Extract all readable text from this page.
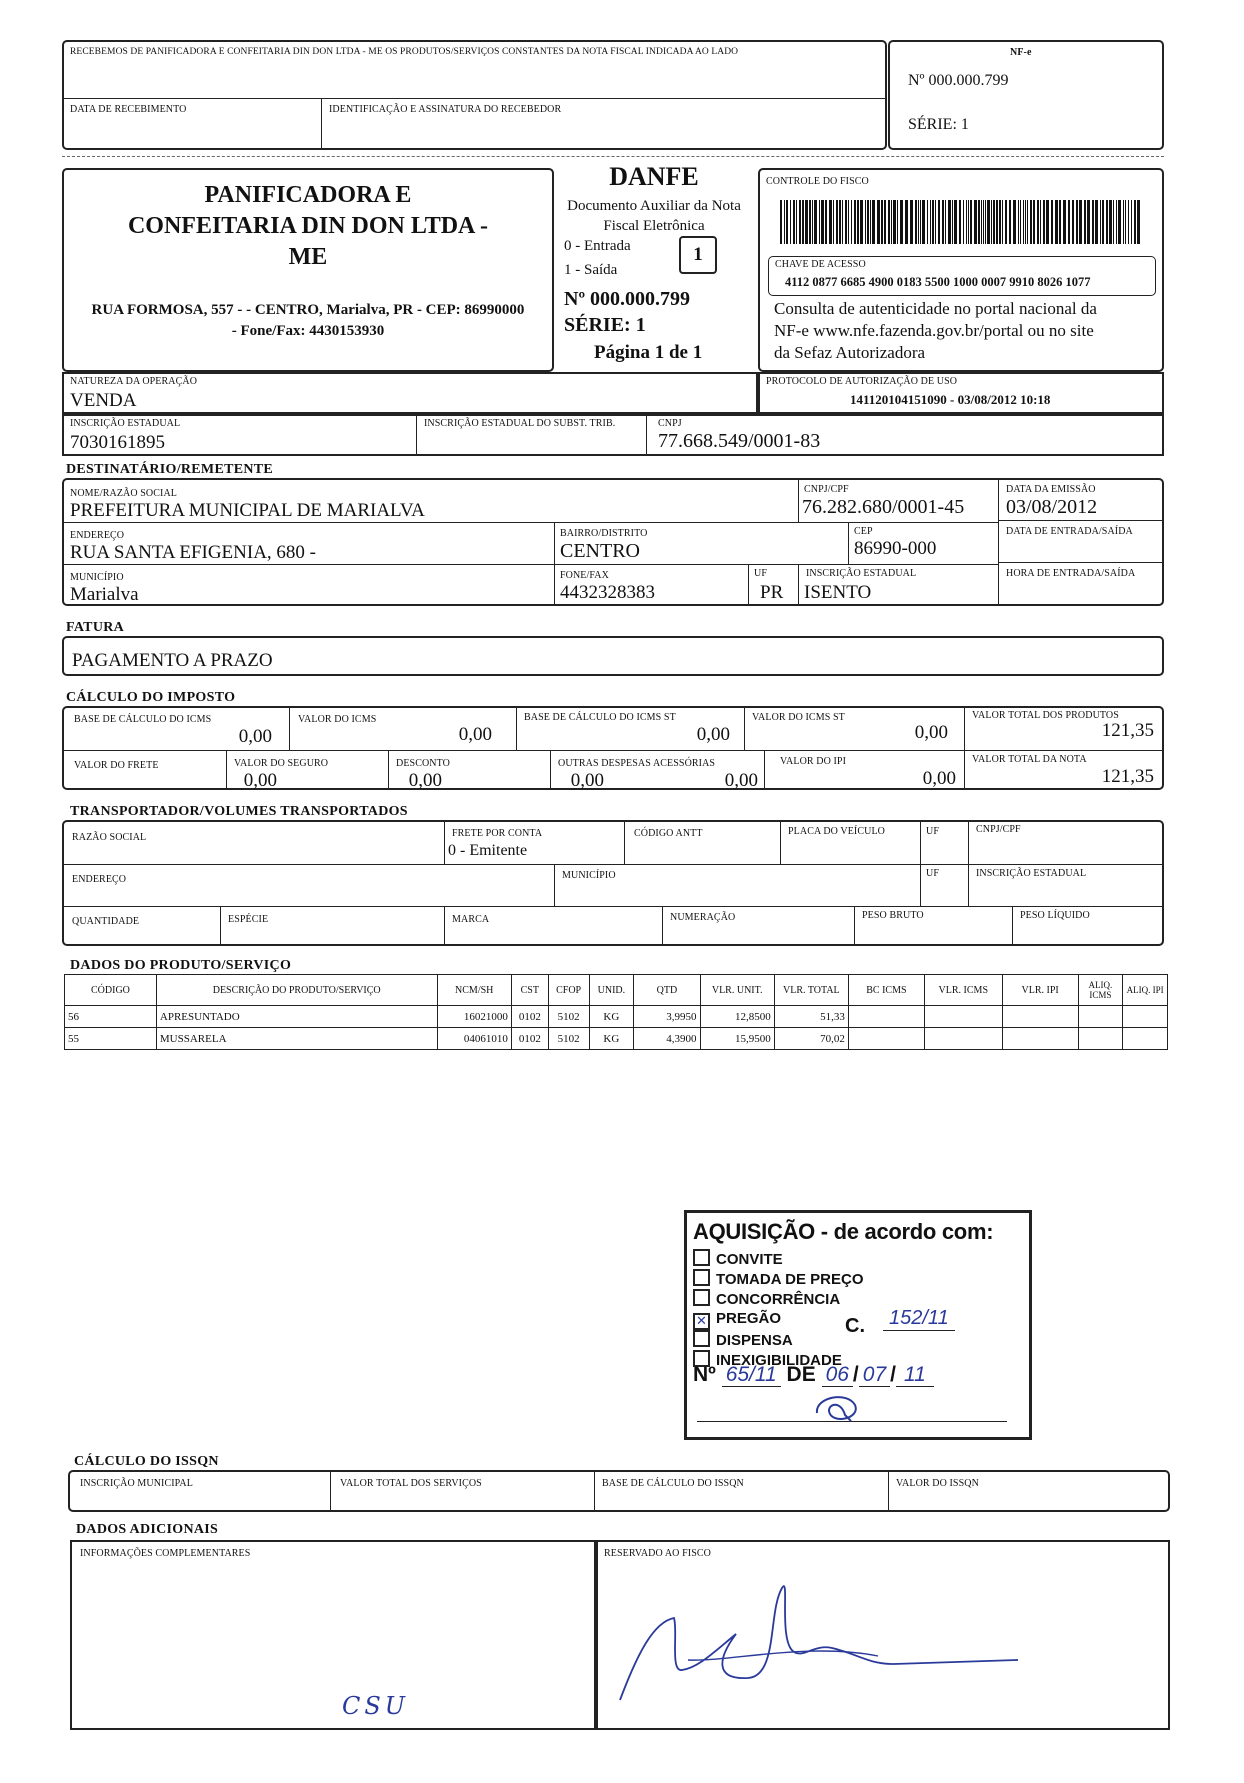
RECEBEMOS DE PANIFICADORA E CONFEITARIA DIN DON LTDA - ME OS PRODUTOS/SERVIÇOS CONSTANTES DA NOTA FISCAL INDICADA AO LADO
DATA DE RECEBIMENTO	IDENTIFICAÇÃO E ASSINATURA DO RECEBEDOR
NF-e
Nº 000.000.799
SÉRIE: 1
PANIFICADORA E
CONFEITARIA DIN DON LTDA -
ME
RUA FORMOSA, 557 - - CENTRO, Marialva, PR - CEP: 86990000
- Fone/Fax: 4430153930
DANFE
Documento Auxiliar da Nota
Fiscal Eletrônica
0 - Entrada
1 - Saída
1
Nº 000.000.799
SÉRIE: 1
Página 1 de 1
CONTROLE DO FISCO
CHAVE DE ACESSO
4112 0877 6685 4900 0183 5500 1000 0007 9910 8026 1077
Consulta de autenticidade no portal nacional da
NF-e www.nfe.fazenda.gov.br/portal ou no site
da Sefaz Autorizadora
NATUREZA DA OPERAÇÃO
VENDA
PROTOCOLO DE AUTORIZAÇÃO DE USO
141120104151090 - 03/08/2012 10:18
INSCRIÇÃO ESTADUAL
7030161895
INSCRIÇÃO ESTADUAL DO SUBST. TRIB.	CNPJ
77.668.549/0001-83
DESTINATÁRIO/REMETENTE
NOME/RAZÃO SOCIAL
PREFEITURA MUNICIPAL DE MARIALVA
CNPJ/CPF
76.282.680/0001-45
DATA DA EMISSÃO
03/08/2012
ENDEREÇO
RUA SANTA EFIGENIA, 680 -
BAIRRO/DISTRITO
CENTRO
CEP
86990-000
DATA DE ENTRADA/SAÍDA
MUNICÍPIO
Marialva
FONE/FAX
4432328383
UF
PR
INSCRIÇÃO ESTADUAL
ISENTO
HORA DE ENTRADA/SAÍDA
FATURA
PAGAMENTO A PRAZO
CÁLCULO DO IMPOSTO
BASE DE CÁLCULO DO ICMS
0,00
VALOR DO ICMS
0,00
BASE DE CÁLCULO DO ICMS ST
0,00
VALOR DO ICMS ST
0,00
VALOR TOTAL DOS PRODUTOS
121,35
VALOR DO FRETE
0,00
VALOR DO SEGURO
0,00
DESCONTO
0,00
OUTRAS DESPESAS ACESSÓRIAS
0,00
VALOR DO IPI
0,00
VALOR TOTAL DA NOTA
121,35
TRANSPORTADOR/VOLUMES TRANSPORTADOS
RAZÃO SOCIAL	FRETE POR CONTA
0 - Emitente
CÓDIGO ANTT	PLACA DO VEÍCULO	UF	CNPJ/CPF
ENDEREÇO	MUNICÍPIO	UF	INSCRIÇÃO ESTADUAL
QUANTIDADE	ESPÉCIE	MARCA	NUMERAÇÃO	PESO BRUTO	PESO LÍQUIDO
DADOS DO PRODUTO/SERVIÇO
CÓDIGO	DESCRIÇÃO DO PRODUTO/SERVIÇO	NCM/SH	CST	CFOP	UNID.	QTD	VLR. UNIT.	VLR. TOTAL	BC ICMS	VLR. ICMS	VLR. IPI	ALIQ. ICMS	ALIQ. IPI
56	APRESUNTADO	16021000	0102	5102	KG	3,9950	12,8500	51,33					
55	MUSSARELA	04061010	0102	5102	KG	4,3900	15,9500	70,02					
AQUISIÇÃO - de acordo com:
CONVITE
TOMADA DE PREÇO
CONCORRÊNCIA
✕ PREGÃO
DISPENSA
INEXIGIBILIDADE
C.	152/11
Nº 65/11 DE 06 / 07 / 11
CÁLCULO DO ISSQN
INSCRIÇÃO MUNICIPAL	VALOR TOTAL DOS SERVIÇOS	BASE DE CÁLCULO DO ISSQN	VALOR DO ISSQN
DADOS ADICIONAIS
INFORMAÇÕES COMPLEMENTARES
CSU
RESERVADO AO FISCO
